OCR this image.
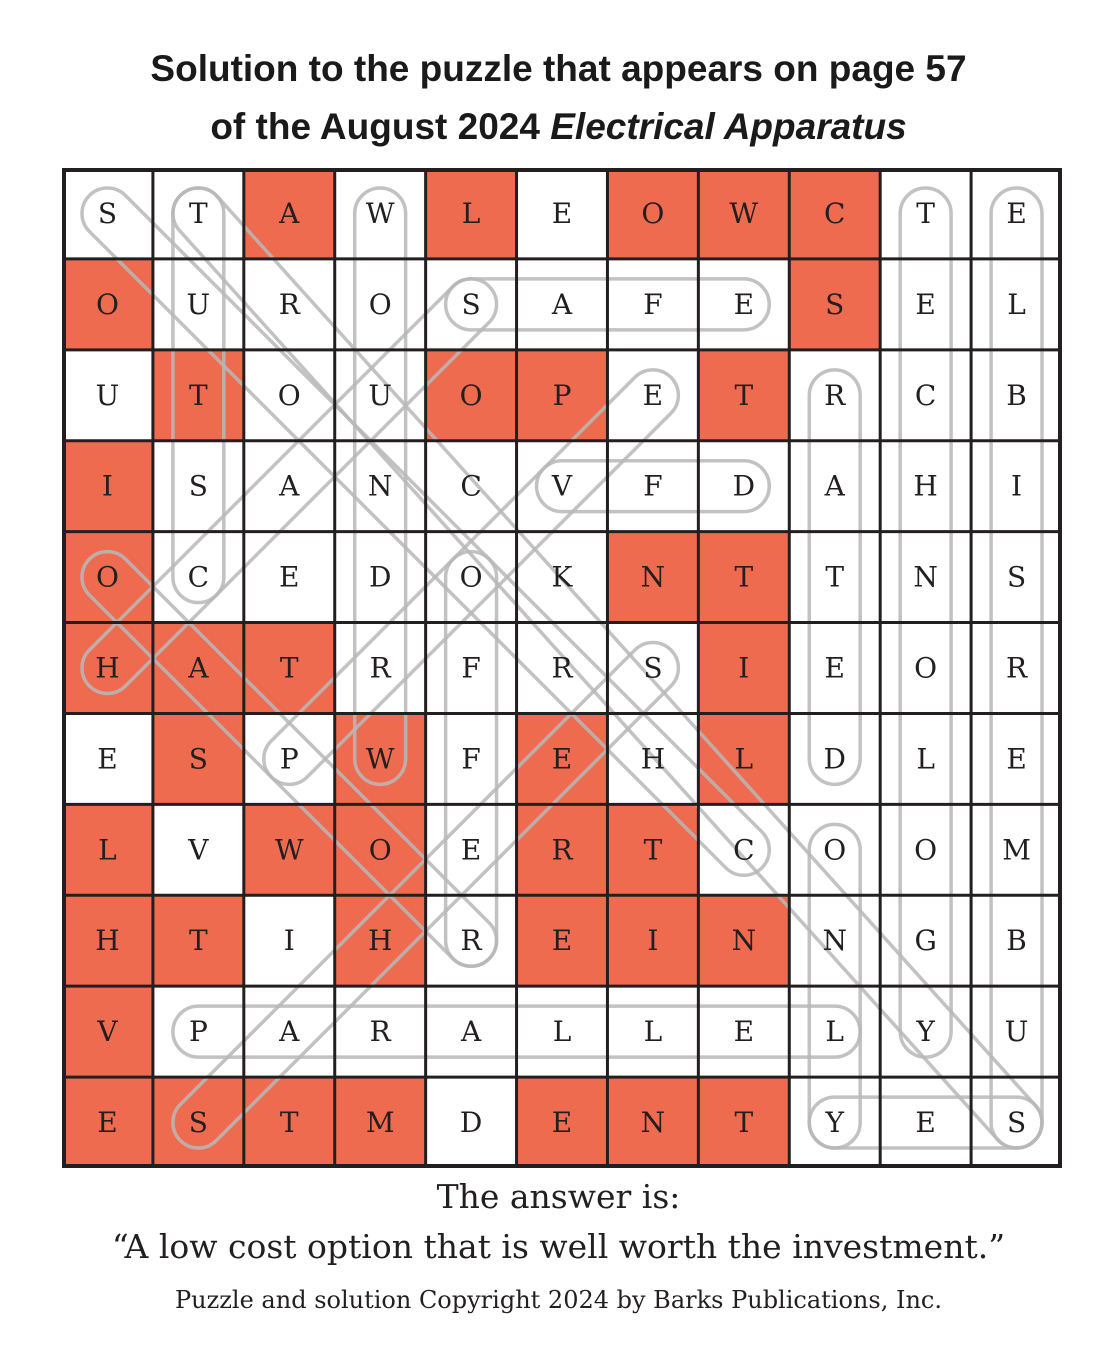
Solution to the puzzle that appears on page 57
of the August 2024 Electrical Apparatus
S	T	A W L	E O W C	T	E
O U R O S	A	F	E	S	E	L
U T	O U O	P	E	T	R C B
I	S	A N C	V	F D A H	I
O C E D O K N T	T N S
H A	T	R	F	R	S	I	E O R
E	S	P W F	E H L	D	L	E
L	V W O E	R	T	C O O M
H T	I	H R	E	I	N N G B
V	P	A	R	A	L	L	E	L	Y U
E	S	T M D E N T	Y	E	S
The answer is:
“A low cost option that is well worth the investment.”
Puzzle and solution Copyright 2024 by Barks Publications, Inc.
